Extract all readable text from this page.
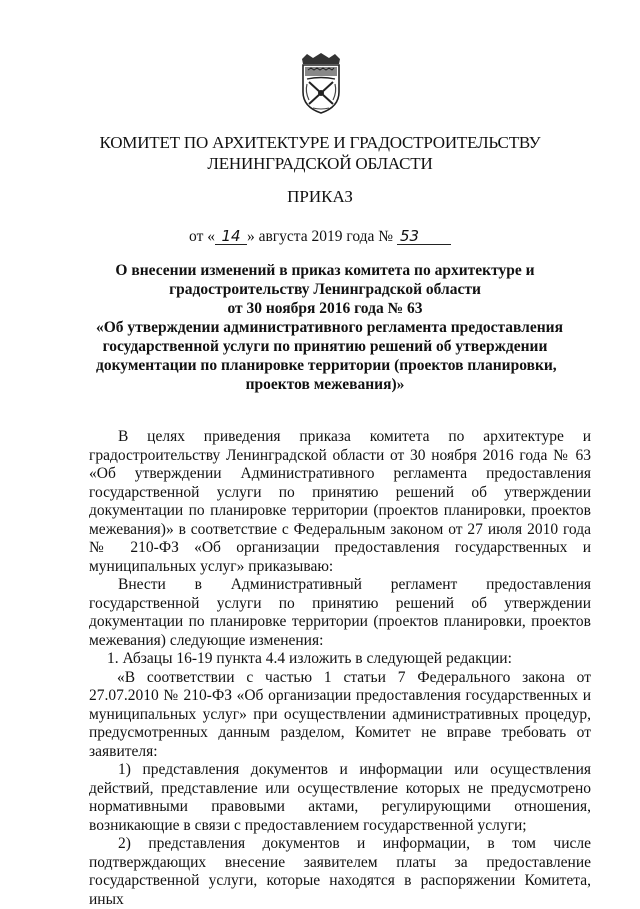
КОМИТЕТ ПО АРХИТЕКТУРЕ И ГРАДОСТРОИТЕЛЬСТВУ
ЛЕНИНГРАДСКОЙ ОБЛАСТИ
ПРИКАЗ
от « 14 » августа 2019 года № 53
О внесении изменений в приказ комитета по архитектуре и
градостроительству Ленинградской области
от 30 ноября 2016 года № 63
«Об утверждении административного регламента предоставления
государственной услуги по принятию решений об утверждении
документации по планировке территории (проектов планировки,
проектов межевания)»

В целях приведения приказа комитета по архитектуре и градостроительству Ленинградской области от 30 ноября 2016 года № 63 «Об утверждении Административного регламента предоставления государственной услуги по принятию решений об утверждении документации по планировке территории (проектов планировки, проектов межевания)» в соответствие с Федеральным законом от 27 июля 2010 года № 210-ФЗ «Об организации предоставления государственных и муниципальных услуг» приказываю:

Внести в Административный регламент предоставления государственной услуги по принятию решений об утверждении документации по планировке территории (проектов планировки, проектов межевания) следующие изменения:

1. Абзацы 16-19 пункта 4.4 изложить в следующей редакции:

«В соответствии с частью 1 статьи 7 Федерального закона от 27.07.2010 № 210-ФЗ «Об организации предоставления государственных и муниципальных услуг» при осуществлении административных процедур, предусмотренных данным разделом, Комитет не вправе требовать от заявителя:

1) представления документов и информации или осуществления действий, представление или осуществление которых не предусмотрено нормативными правовыми актами, регулирующими отношения, возникающие в связи с предоставлением государственной услуги;

2) представления документов и информации, в том числе подтверждающих внесение заявителем платы за предоставление государственной услуги, которые находятся в распоряжении Комитета, иных
